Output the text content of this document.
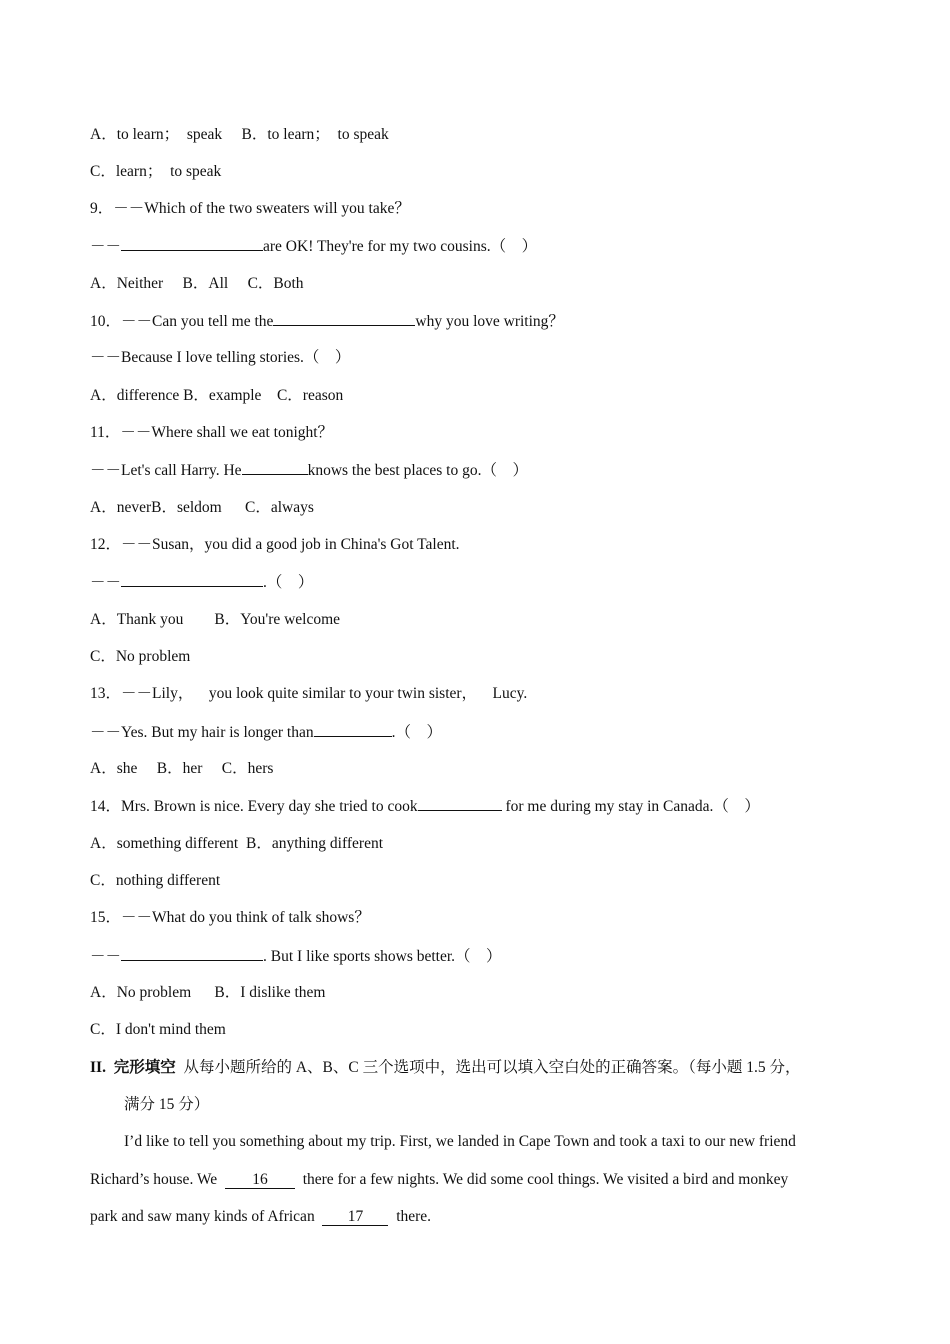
A．to learn；  speak     B．to learn；  to speak
C．learn；  to speak
9．－－Which of the two sweaters will you take？
－－	are OK! They're for my two cousins.（    ）
A．Neither     B．All     C．Both
10．－－Can you tell me the	why you love writing？
－－Because I love telling stories.（    ）
A．difference B．example    C．reason
11．－－Where shall we eat tonight？
－－Let's call Harry. He	knows the best places to go.（    ）
A．neverB．seldom      C．always
12．－－Susan，you did a good job in China's Got Talent.
－－	.（    ）
A．Thank you        B．You're welcome
C．No problem
13．－－Lily，    you look quite similar to your twin sister，    Lucy.
－－Yes. But my hair is longer than	.（    ）
A．she     B．her     C．hers
14．Mrs. Brown is nice. Every day she tried to cook	for me during my stay in Canada.（    ）
A．something different  B．anything different
C．nothing different
15．－－What do you think of talk shows？
－－	. But I like sports shows better.（    ）
A．No problem      B．I dislike them
C．I don't mind them
II.  完形填空  从每小题所给的 A、B、C 三个选项中，选出可以填入空白处的正确答案。（每小题 1.5 分，
满分 15 分）
I’d like to tell you something about my trip. First, we landed in Cape Town and took a taxi to our new friend
Richard’s house. We  16  there for a few nights. We did some cool things. We visited a bird and monkey
park and saw many kinds of African  17  there.
